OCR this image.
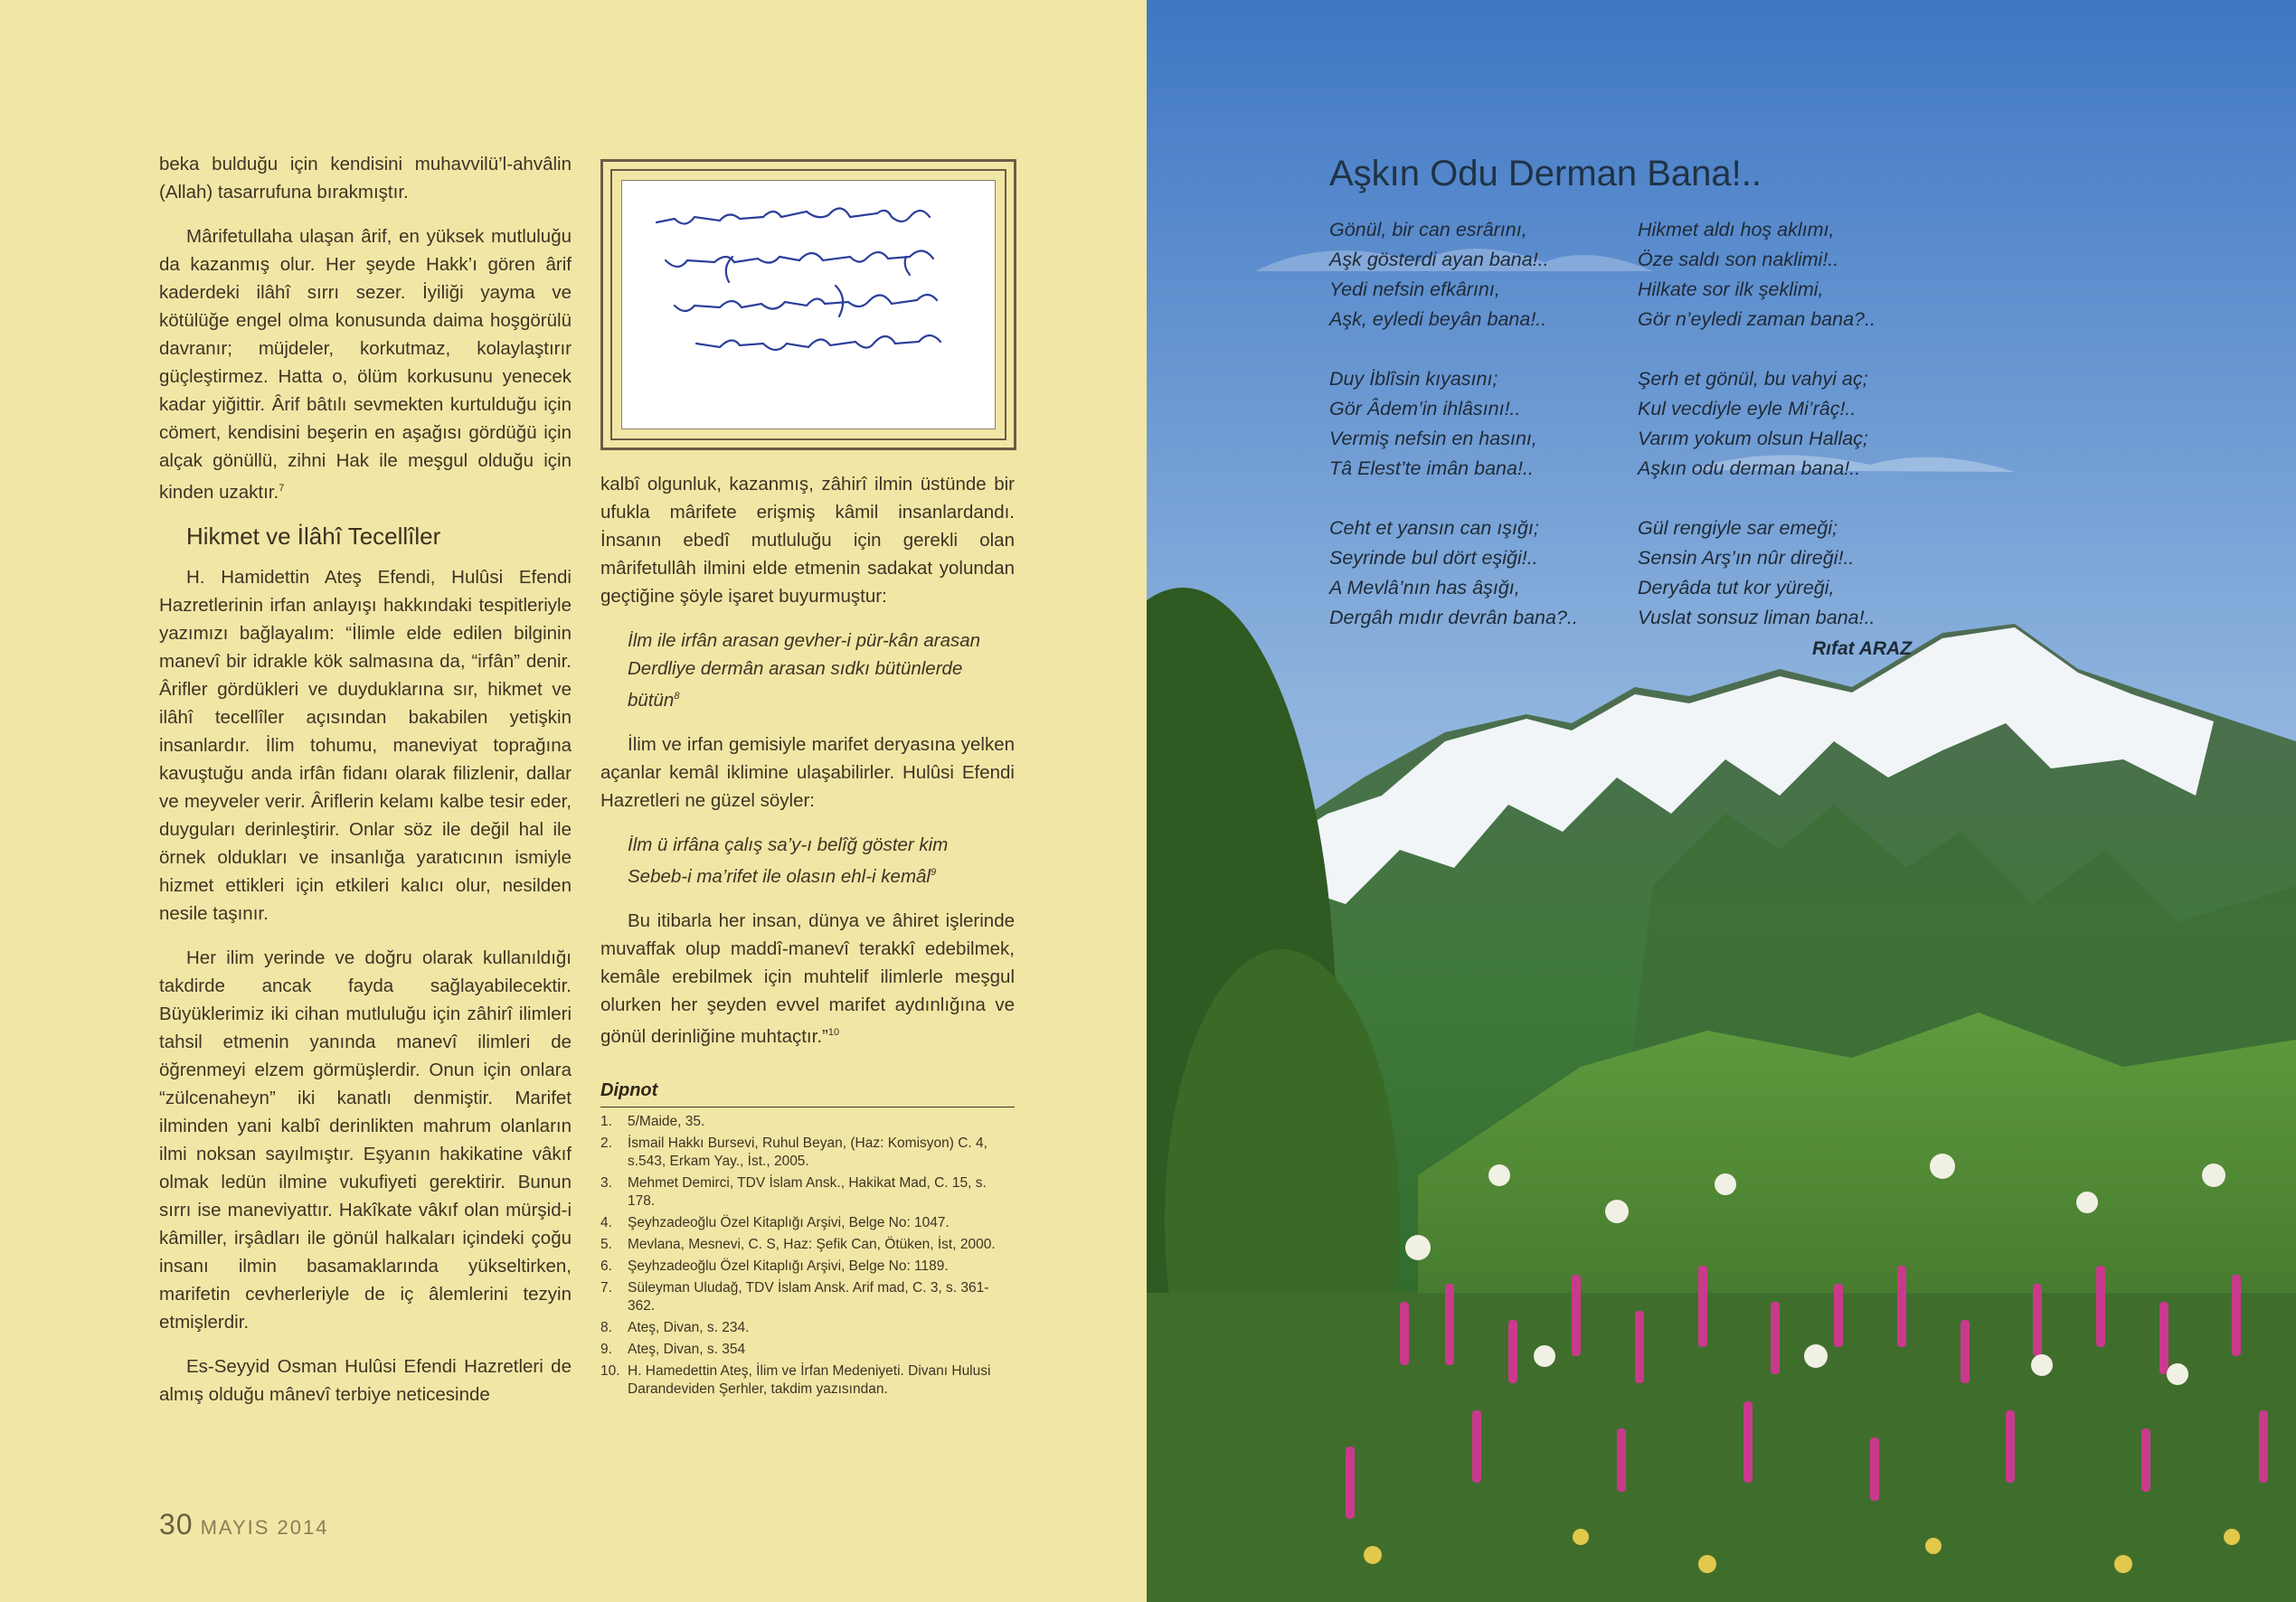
beka bulduğu için kendisini muhavvilü’l-ahvâlin (Allah) tasarrufuna bırakmıştır.

Mârifetullaha ulaşan ârif, en yüksek mutluluğu da kazanmış olur. Her şeyde Hakk’ı gören ârif kaderdeki ilâhî sırrı sezer. İyiliği yayma ve kötülüğe engel olma konusunda daima hoşgörülü davranır; müjdeler, korkutmaz, kolaylaştırır güçleştirmez. Hatta o, ölüm korkusunu yenecek kadar yiğittir. Ârif bâtılı sevmekten kurtulduğu için cömert, kendisini beşerin en aşağısı gördüğü için alçak gönüllü, zihni Hak ile meşgul olduğu için kinden uzaktır.$^7$

Hikmet ve İlâhî Tecellîler

H. Hamidettin Ateş Efendi, Hulûsi Efendi Hazretlerinin irfan anlayışı hakkındaki tespitleriyle yazımızı bağlayalım: “İlimle elde edilen bilginin manevî bir idrakle kök salmasına da, “irfân” denir. Ârifler gördükleri ve duyduklarına sır, hikmet ve ilâhî tecellîler açısından bakabilen yetişkin insanlardır. İlim tohumu, maneviyat toprağına kavuştuğu anda irfân fidanı olarak filizlenir, dallar ve meyveler verir. Âriflerin kelamı kalbe tesir eder, duyguları derinleştirir. Onlar söz ile değil hal ile örnek oldukları ve insanlığa yaratıcının ismiyle hizmet ettikleri için etkileri kalıcı olur, nesilden nesile taşınır.

Her ilim yerinde ve doğru olarak kullanıldığı takdirde ancak fayda sağlayabilecektir. Büyüklerimiz iki cihan mutluluğu için zâhirî ilimleri tahsil etmenin yanında manevî ilimleri de öğrenmeyi elzem görmüşlerdir. Onun için onlara “zülcenaheyn” iki kanatlı denmiştir. Marifet ilminden yani kalbî derinlikten mahrum olanların ilmi noksan sayılmıştır. Eşyanın hakikatine vâkıf olmak ledün ilmine vukufiyeti gerektirir. Bunun sırrı ise maneviyattır. Hakîkate vâkıf olan mürşid-i kâmiller, irşâdları ile gönül halkaları içindeki çoğu insanı ilmin basamaklarında yükseltirken, marifetin cevherleriyle de iç âlemlerini tezyin etmişlerdir.

Es-Seyyid Osman Hulûsi Efendi Hazretleri de almış olduğu mânevî terbiye neticesinde

kalbî olgunluk, kazanmış, zâhirî ilmin üstünde bir ufukla mârifete erişmiş kâmil insanlardandı. İnsanın ebedî mutluluğu için gerekli olan mârifetullâh ilmini elde etmenin sadakat yolundan geçtiğine şöyle işaret buyurmuştur:

İlm ile irfân arasan gevher-i pür-kân arasan
Derdliye dermân arasan sıdkı bütünlerde bütün$^8$

İlim ve irfan gemisiyle marifet deryasına yelken açanlar kemâl iklimine ulaşabilirler. Hulûsi Efendi Hazretleri ne güzel söyler:

İlm ü irfâna çalış sa’y-ı belîğ göster kim
Sebeb-i ma’rifet ile olasın ehl-i kemâl$^9$

Bu itibarla her insan, dünya ve âhiret işlerinde muvaffak olup maddî-manevî terakkî edebilmek, kemâle erebilmek için muhtelif ilimlerle meşgul olurken her şeyden evvel marifet aydınlığına ve gönül derinliğine muhtaçtır.”$^{10}$

Dipnot
1.	5/Maide, 35.
2.	İsmail Hakkı Bursevi, Ruhul Beyan, (Haz: Komisyon) C. 4, s.543, Erkam Yay., İst., 2005.
3.	Mehmet Demirci, TDV İslam Ansk., Hakikat Mad, C. 15, s. 178.
4.	Şeyhzadeoğlu Özel Kitaplığı Arşivi, Belge No: 1047.
5.	Mevlana, Mesnevi, C. S, Haz: Şefik Can, Ötüken, İst, 2000.
6.	Şeyhzadeoğlu Özel Kitaplığı Arşivi, Belge No: 1189.
7.	Süleyman Uludağ, TDV İslam Ansk. Arif mad, C. 3, s. 361-362.
8.	Ateş, Divan, s. 234.
9.	Ateş, Divan, s. 354
10. H. Hamedettin Ateş, İlim ve İrfan Medeniyeti. Divanı Hulusi Darandeviden Şerhler, takdim yazısından.
30 MAYIS 2014
Aşkın Odu Derman Bana!..
Gönül, bir can esrârını,
Aşk gösterdi ayan bana!..
Yedi nefsin efkârını,
Aşk, eyledi beyân bana!..
Duy İblîsin kıyasını;
Gör Âdem’in ihlâsını!..
Vermiş nefsin en hasını,
Tâ Elest’te imân bana!..
Ceht et yansın can ışığı;
Seyrinde bul dört eşiği!..
A Mevlâ’nın has âşığı,
Dergâh mıdır devrân bana?..
Hikmet aldı hoş aklımı,
Öze saldı son naklimi!..
Hilkate sor ilk şeklimi,
Gör n’eyledi zaman bana?..
Şerh et gönül, bu vahyi aç;
Kul vecdiyle eyle Mi’râç!..
Varım yokum olsun Hallaç;
Aşkın odu derman bana!..
Gül rengiyle sar emeği;
Sensin Arş’ın nûr direği!..
Deryâda tut kor yüreği,
Vuslat sonsuz liman bana!..
Rıfat ARAZ
